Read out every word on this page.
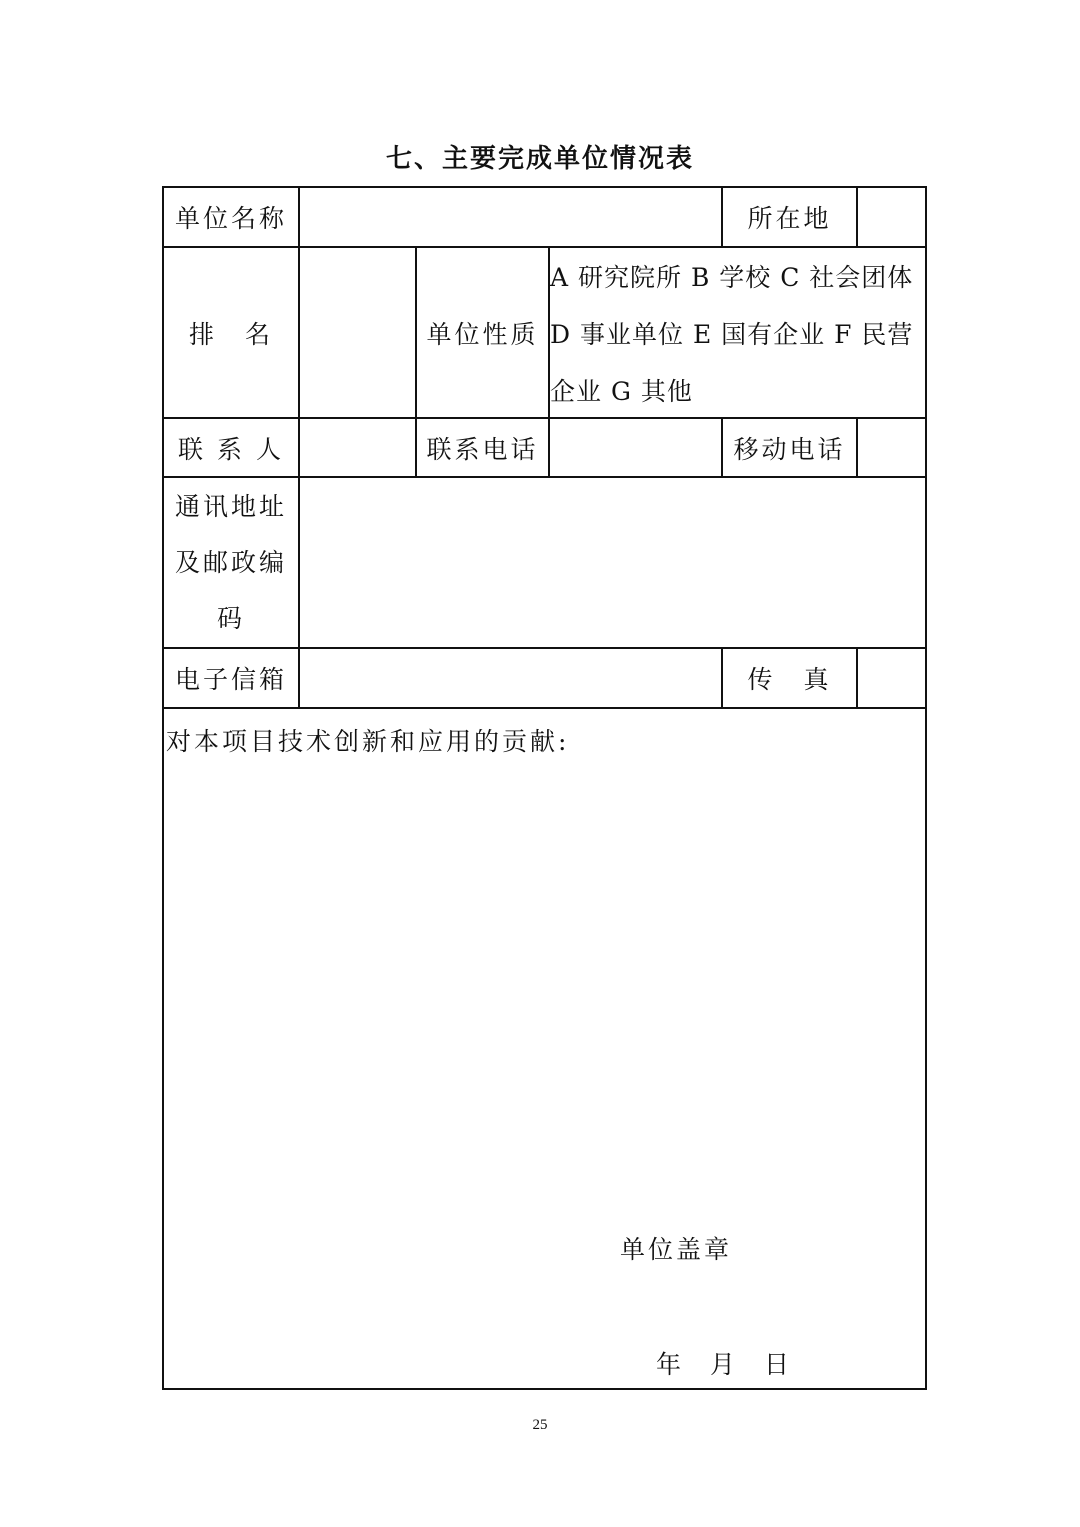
七、主要完成单位情况表
单位名称	所在地
排　名	单位性质
A 研究院所 B 学校 C 社会团体
D 事业单位 E 国有企业 F 民营
企业 G 其他
联 系 人	联系电话	移动电话
通讯地址
及邮政编
码
电子信箱	传　真
对本项目技术创新和应用的贡献:
单位盖章
年 月 日
25
